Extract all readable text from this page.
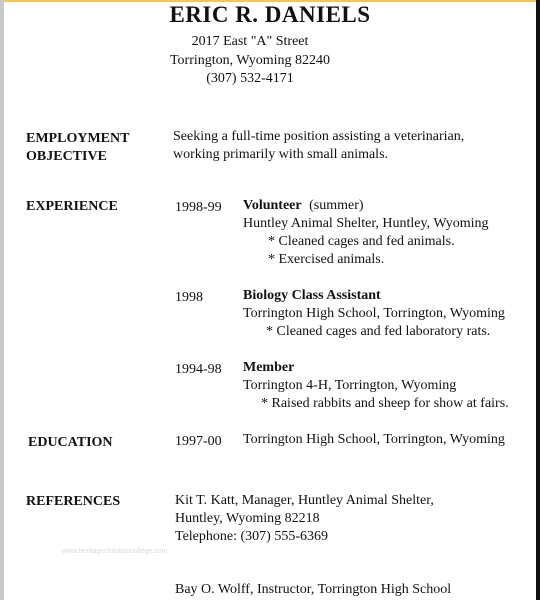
ERIC R. DANIELS
2017 East "A" Street
Torrington, Wyoming 82240
(307) 532-4171
EMPLOYMENT
OBJECTIVE
Seeking a full-time position assisting a veterinarian,
working primarily with small animals.
EXPERIENCE	1998-99 Volunteer (summer)
Huntley Animal Shelter, Huntley, Wyoming
* Cleaned cages and fed animals.
* Exercised animals.
1998	Biology Class Assistant
Torrington High School, Torrington, Wyoming
* Cleaned cages and fed laboratory rats.
1994-98 Member
Torrington 4-H, Torrington, Wyoming
* Raised rabbits and sheep for show at fairs.
EDUCATION	1997-00 Torrington High School, Torrington, Wyoming
REFERENCES	Kit T. Katt, Manager, Huntley Animal Shelter,
Huntley, Wyoming 82218
Telephone: (307) 555-6369
www.heritagechristiancollege.com
Bay O. Wolff, Instructor, Torrington High School
